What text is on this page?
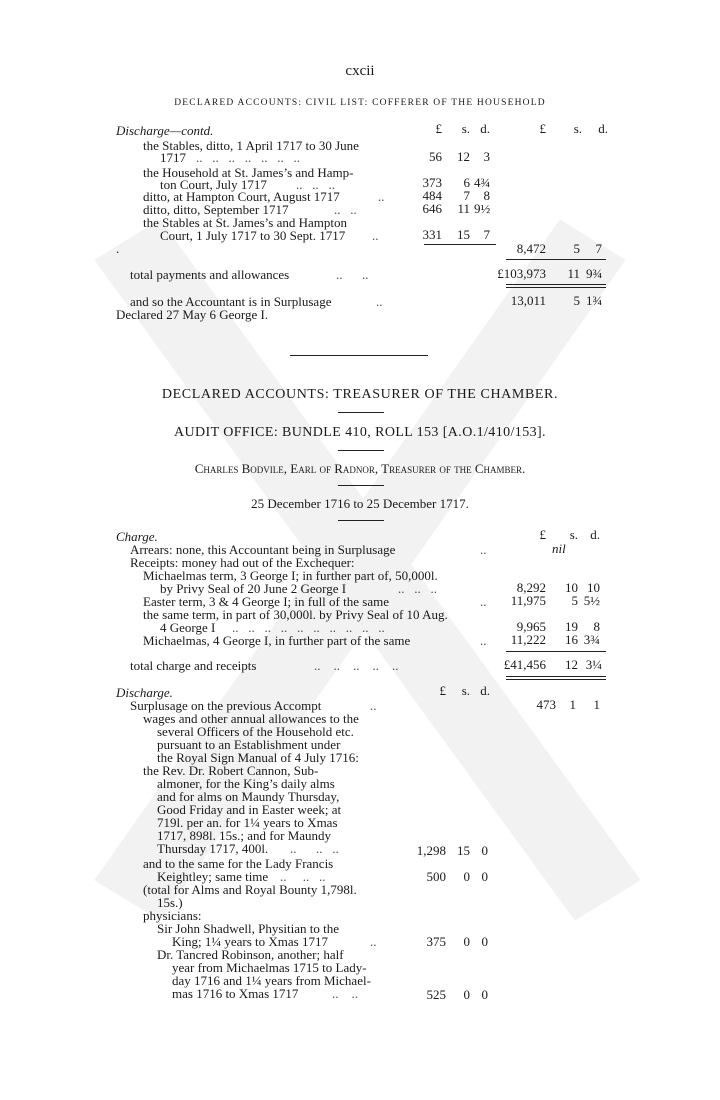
cxcii
DECLARED ACCOUNTS: CIVIL LIST: COFFERER OF THE HOUSEHOLD
Discharge—contd.	£	s. d.	£	s.	d.
the Stables, ditto, 1 April 1717 to 30 June
1717 ..   ..   ..   ..   ..   ..   ..	56	12	3
the Household at St. James’s and Hamp-
ton Court, July 1717 ..   ..   ..	373	6 4¾
ditto, at Hampton Court, August 1717	..	484	7	8
ditto, ditto, September 1717	..   ..	646	11 9½
the Stables at St. James’s and Hampton
Court, 1 July 1717 to 30 Sept. 1717 ..	331	15	7
.	8,472	5	7
total payments and allowances	..      ..	£103,973	11 9¾
and so the Accountant is in Surplusage	..	13,011	5 1¾
Declared 27 May 6 George I.
DECLARED ACCOUNTS: TREASURER OF THE CHAMBER.
AUDIT OFFICE: BUNDLE 410, ROLL 153 [A.O.1/410/153].
Charles Bodvile, Earl of Radnor, Treasurer of the Chamber.
25 December 1716 to 25 December 1717.
Charge.	£	s. d.
Arrears: none, this Accountant being in Surplusage	..	nil
Receipts: money had out of the Exchequer:
Michaelmas term, 3 George I; in further part of, 50,000l.
by Privy Seal of 20 June 2 George I	..   ..   ..	8,292	10 10
Easter term, 3 & 4 George I; in full of the same	..	11,975	5 5½
the same term, in part of 30,000l. by Privy Seal of 10 Aug.
4 George I ..   ..   ..   ..   ..   ..   ..   ..   ..   ..	9,965	19	8
Michaelmas, 4 George I, in further part of the same	..	11,222	16 3¾
total charge and receipts	..    ..    ..    ..    ..	£41,456	12 3¼
Discharge.	£	s. d.
Surplusage on the previous Accompt	..	473	1	1
wages and other annual allowances to the
several Officers of the Household etc.
pursuant to an Establishment under
the Royal Sign Manual of 4 July 1716:
the Rev. Dr. Robert Cannon, Sub-
almoner, for the King’s daily alms
and for alms on Maundy Thursday,
Good Friday and in Easter week; at
719l. per an. for 1¼ years to Xmas
1717, 898l. 15s.; and for Maundy
Thursday 1717, 400l. ..      ..   ..	1,298 15 0
and to the same for the Lady Francis
Keightley; same time ..     ..   ..	500	0 0
(total for Alms and Royal Bounty 1,798l.
15s.)
physicians:
Sir John Shadwell, Physitian to the
King; 1¼ years to Xmas 1717	..	375	0 0
Dr. Tancred Robinson, another; half
year from Michaelmas 1715 to Lady-
day 1716 and 1¼ years from Michael-
mas 1716 to Xmas 1717	..    ..	525	0 0
